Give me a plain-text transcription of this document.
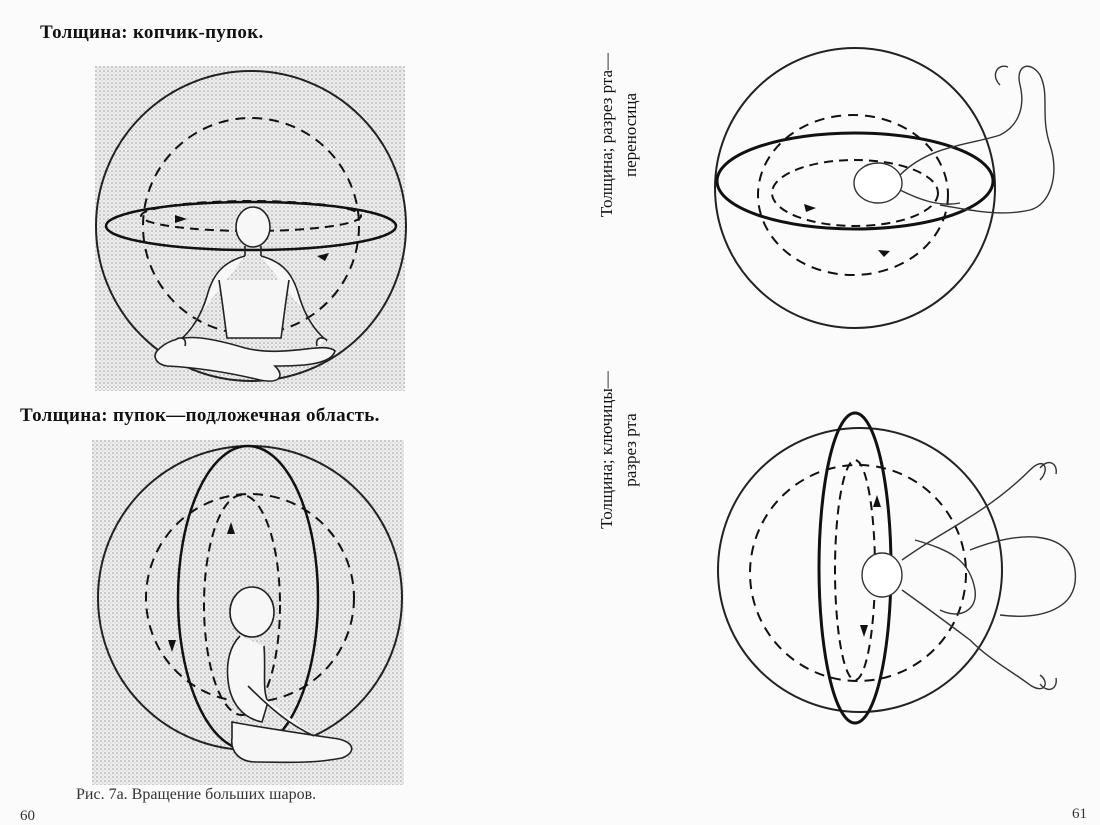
Толщина: копчик-пупок.
Толщина: пупок—подложечная область.
Рис. 7а. Вращение больших шаров.
60
Толщина; разрез рта— переносица
Толщина; ключицы— разрез рта
61
